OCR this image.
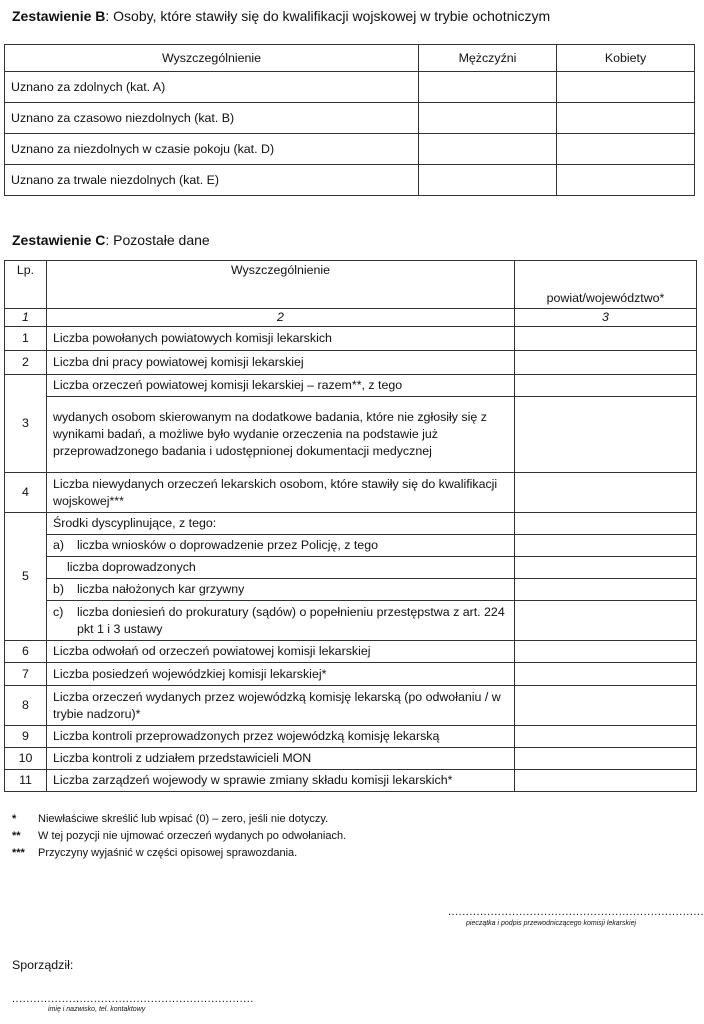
Zestawienie B: Osoby, które stawiły się do kwalifikacji wojskowej w trybie ochotniczym
Wyszczególnienie	Mężczyźni	Kobiety
Uznano za zdolnych (kat. A)		
Uznano za czasowo niezdolnych (kat. B)		
Uznano za niezdolnych w czasie pokoju (kat. D)		
Uznano za trwale niezdolnych (kat. E)		
Zestawienie C: Pozostałe dane
Lp.	Wyszczególnienie	powiat/województwo*
1	2	3
1	Liczba powołanych powiatowych komisji lekarskich	
2	Liczba dni pracy powiatowej komisji lekarskiej	
3	Liczba orzeczeń powiatowej komisji lekarskiej – razem**, z tego	
	wydanych osobom skierowanym na dodatkowe badania, które nie zgłosiły się z wynikami badań, a możliwe było wydanie orzeczenia na podstawie już przeprowadzonego badania i udostępnionej dokumentacji medycznej	
4	Liczba niewydanych orzeczeń lekarskich osobom, które stawiły się do kwalifikacji wojskowej***	
5	Środki dyscyplinujące, z tego:	
	a) liczba wniosków o doprowadzenie przez Policję, z tego	
	liczba doprowadzonych	
	b) liczba nałożonych kar grzywny	

	c) liczba doniesień do prokuratury (sądów) o popełnieniu przestępstwa z art. 224 pkt 1 i 3 ustawy	

6	Liczba odwołań od orzeczeń powiatowej komisji lekarskiej	
7	Liczba posiedzeń wojewódzkiej komisji lekarskiej*	
8	Liczba orzeczeń wydanych przez wojewódzką komisję lekarską (po odwołaniu / w trybie nadzoru)*	
9	Liczba kontroli przeprowadzonych przez wojewódzką komisję lekarską	
10	Liczba kontroli z udziałem przedstawicieli MON	
11	Liczba zarządzeń wojewody w sprawie zmiany składu komisji lekarskich*	
* Niewłaściwe skreślić lub wpisać (0) – zero, jeśli nie dotyczy.
** W tej pozycji nie ujmować orzeczeń wydanych po odwołaniach.
*** Przyczyny wyjaśnić w części opisowej sprawozdania.
........................................................................
pieczątka i podpis przewodniczącego komisji lekarskiej
Sporządził:
....................................................................
imię i nazwisko, tel. kontaktowy
